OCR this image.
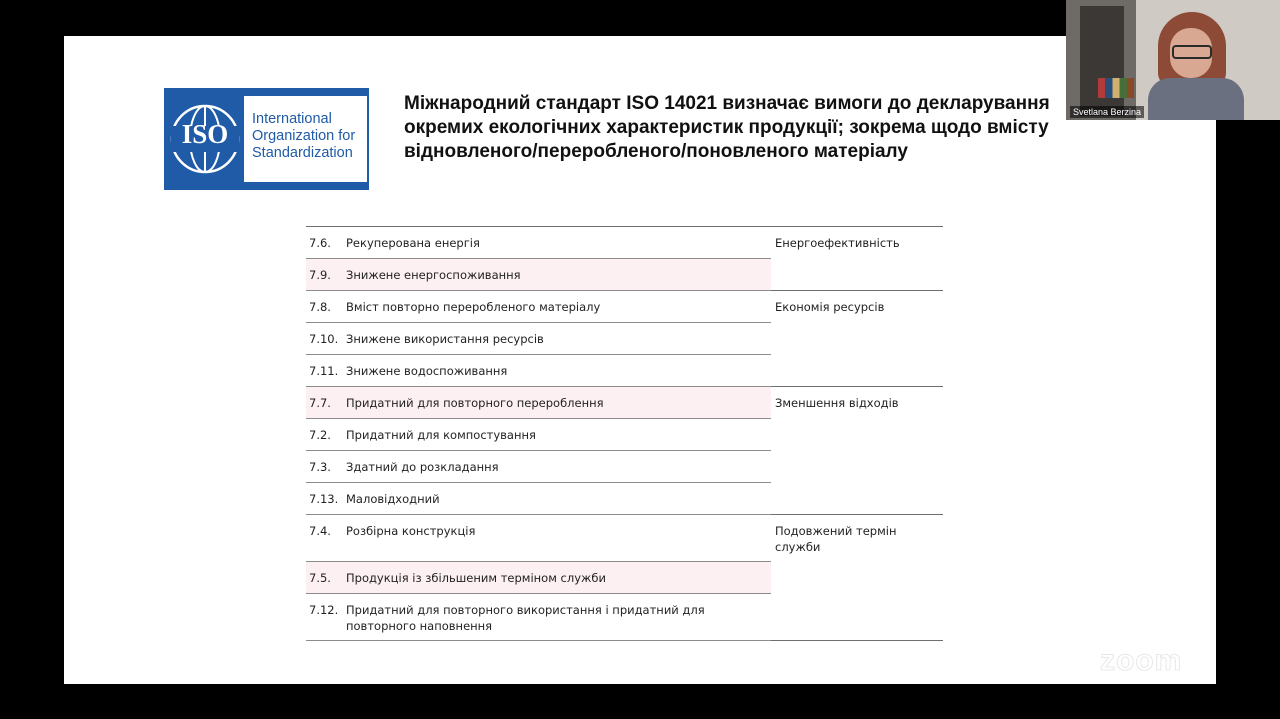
ISO	International
Organization for
Standardization
Міжнародний стандарт ISO 14021 визначає вимоги до декларування
окремих екологічних характеристик продукції; зокрема щодо вмісту
відновленого/переробленого/поновленого матеріалу
7.6.	Рекуперована енергія	Енергоефективність
7.9.	Знижене енергоспоживання	
7.8.	Вміст повторно переробленого матеріалу	Економія ресурсів
7.10.	Знижене використання ресурсів	
7.11.	Знижене водоспоживання	
7.7.	Придатний для повторного перероблення	Зменшення відходів
7.2.	Придатний для компостування	
7.3.	Здатний до розкладання	
7.13.	Маловідходний	
7.4.	Розбірна конструкція	Подовжений термін служби
7.5.	Продукція із збільшеним терміном служби	
7.12.	Придатний для повторного використання і придатний для повторного наповнення	
zoom
Svetlana Berzina
